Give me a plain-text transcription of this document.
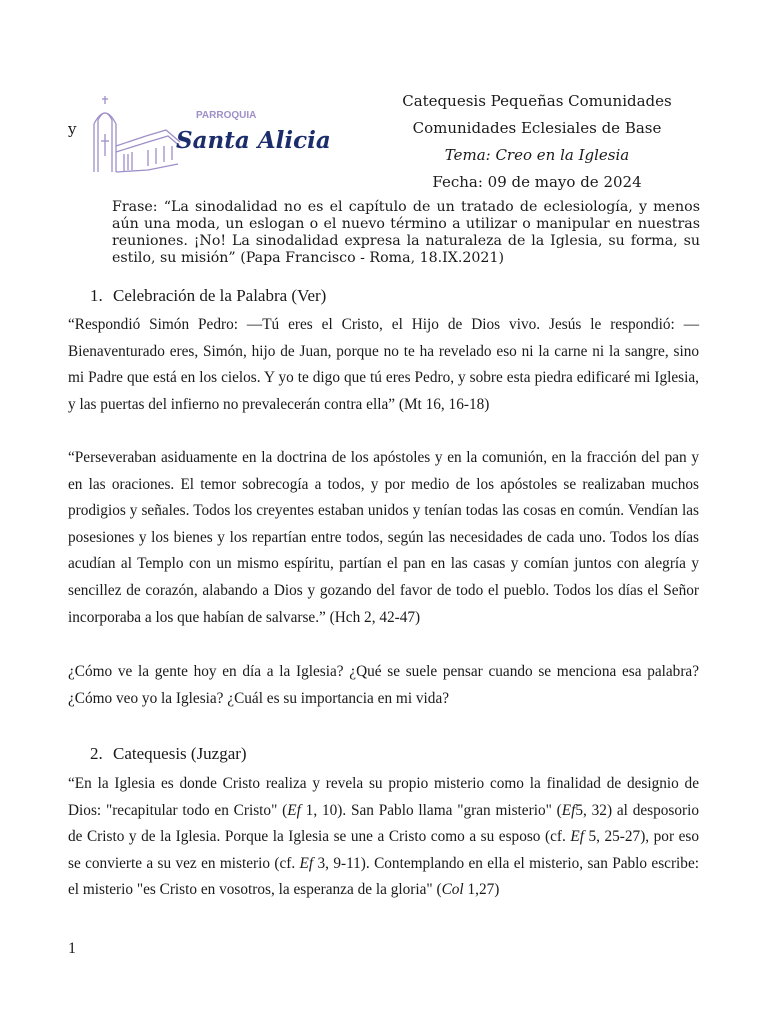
y
PARROQUIA
Santa Alicia
Catequesis Pequeñas Comunidades
Comunidades Eclesiales de Base
Tema: Creo en la Iglesia
Fecha: 09 de mayo de 2024
Frase: “La sinodalidad no es el capítulo de un tratado de eclesiología, y menos aún una moda, un eslogan o el nuevo término a utilizar o manipular en nuestras reuniones. ¡No! La sinodalidad expresa la naturaleza de la Iglesia, su forma, su estilo, su misión” (Papa Francisco - Roma, 18.IX.2021)
1. Celebración de la Palabra (Ver)
“Respondió Simón Pedro: —Tú eres el Cristo, el Hijo de Dios vivo. Jesús le respondió: —Bienaventurado eres, Simón, hijo de Juan, porque no te ha revelado eso ni la carne ni la sangre, sino mi Padre que está en los cielos. Y yo te digo que tú eres Pedro, y sobre esta piedra edificaré mi Iglesia, y las puertas del infierno no prevalecerán contra ella” (Mt 16, 16-18)
“Perseveraban asiduamente en la doctrina de los apóstoles y en la comunión, en la fracción del pan y en las oraciones. El temor sobrecogía a todos, y por medio de los apóstoles se realizaban muchos prodigios y señales. Todos los creyentes estaban unidos y tenían todas las cosas en común. Vendían las posesiones y los bienes y los repartían entre todos, según las necesidades de cada uno. Todos los días acudían al Templo con un mismo espíritu, partían el pan en las casas y comían juntos con alegría y sencillez de corazón, alabando a Dios y gozando del favor de todo el pueblo. Todos los días el Señor incorporaba a los que habían de salvarse.” (Hch 2, 42-47)
¿Cómo ve la gente hoy en día a la Iglesia? ¿Qué se suele pensar cuando se menciona esa palabra? ¿Cómo veo yo la Iglesia? ¿Cuál es su importancia en mi vida?
2. Catequesis (Juzgar)
“En la Iglesia es donde Cristo realiza y revela su propio misterio como la finalidad de designio de Dios: "recapitular todo en Cristo" (Ef 1, 10). San Pablo llama "gran misterio" (Ef5, 32) al desposorio de Cristo y de la Iglesia. Porque la Iglesia se une a Cristo como a su esposo (cf. Ef 5, 25-27), por eso se convierte a su vez en misterio (cf. Ef 3, 9-11). Contemplando en ella el misterio, san Pablo escribe: el misterio "es Cristo en vosotros, la esperanza de la gloria" (Col 1,27)
1
